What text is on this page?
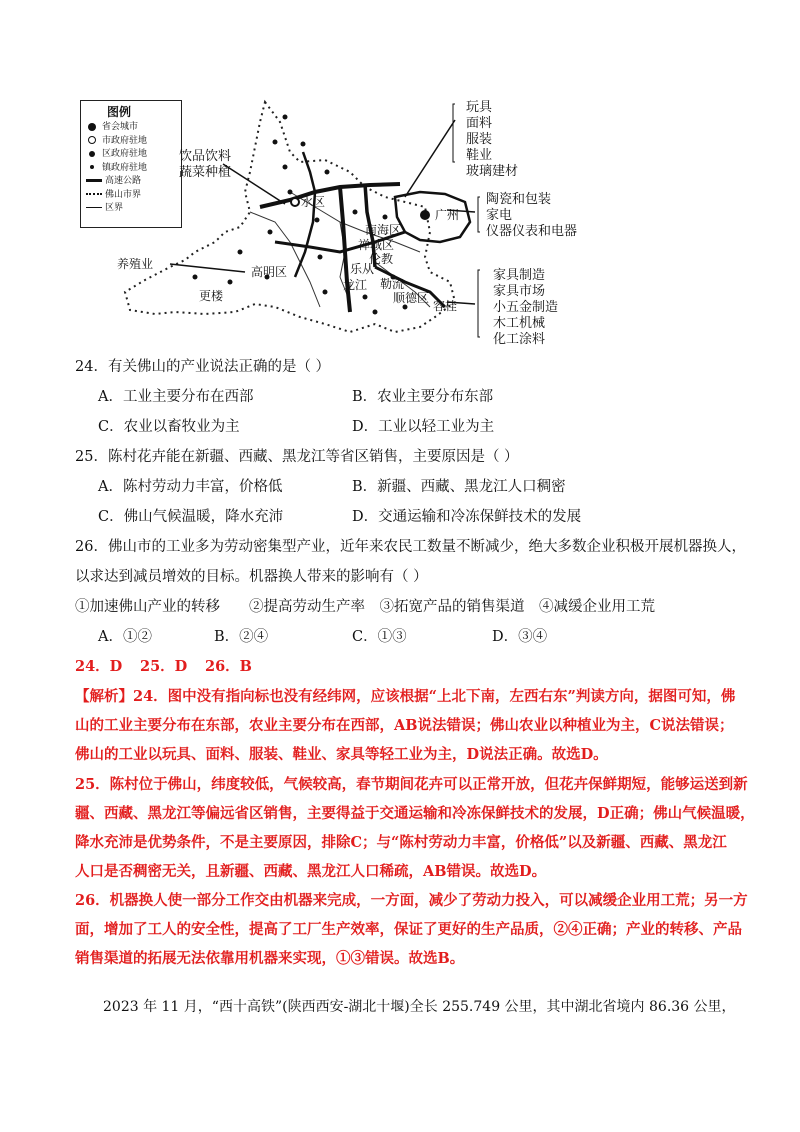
图例
省会城市
市政府驻地
区政府驻地
镇政府驻地
高速公路
佛山市界
区界
饮品饮料
蔬菜种植
玩具
面料
服装
鞋业
玻璃建材
陶瓷和包装
家电
仪器仪表和电器
水区
广州
南海区
禅城区
伦教
养殖业
高明区
更楼
乐从
龙江 勒流
顺德区
容桂
家具制造
家具市场
小五金制造
木工机械
化工涂料
24．有关佛山的产业说法正确的是（ ）
A．工业主要分布在西部	B．农业主要分布东部
C．农业以畜牧业为主	D．工业以轻工业为主
25．陈村花卉能在新疆、西藏、黑龙江等省区销售，主要原因是（ ）
A．陈村劳动力丰富，价格低	B．新疆、西藏、黑龙江人口稠密
C．佛山气候温暖，降水充沛	D．交通运输和冷冻保鲜技术的发展
26．佛山市的工业多为劳动密集型产业，近年来农民工数量不断减少，绝大多数企业积极开展机器换人，
以求达到减员增效的目标。机器换人带来的影响有（ ）
①加速佛山产业的转移　　②提高劳动生产率　③拓宽产品的销售渠道　④减缓企业用工荒
A．①②	B．②④	C．①③	D．③④
24．D 25．D 26．B
【解析】24．图中没有指向标也没有经纬网，应该根据“上北下南，左西右东”判读方向，据图可知，佛
山的工业主要分布在东部，农业主要分布在西部，AB说法错误；佛山农业以种植业为主，C说法错误；
佛山的工业以玩具、面料、服装、鞋业、家具等轻工业为主，D说法正确。故选D。
25．陈村位于佛山，纬度较低，气候较高，春节期间花卉可以正常开放，但花卉保鲜期短，能够运送到新
疆、西藏、黑龙江等偏远省区销售，主要得益于交通运输和冷冻保鲜技术的发展，D正确；佛山气候温暖，
降水充沛是优势条件，不是主要原因，排除C；与“陈村劳动力丰富，价格低”以及新疆、西藏、黑龙江
人口是否稠密无关，且新疆、西藏、黑龙江人口稀疏，AB错误。故选D。
26．机器换人使一部分工作交由机器来完成，一方面，减少了劳动力投入，可以减缓企业用工荒；另一方
面，增加了工人的安全性，提高了工厂生产效率，保证了更好的生产品质，②④正确；产业的转移、产品
销售渠道的拓展无法依靠用机器来实现，①③错误。故选B。
2023 年 11 月，“西十高铁”(陕西西安-湖北十堰)全长 255.749 公里，其中湖北省境内 86.36 公里，
